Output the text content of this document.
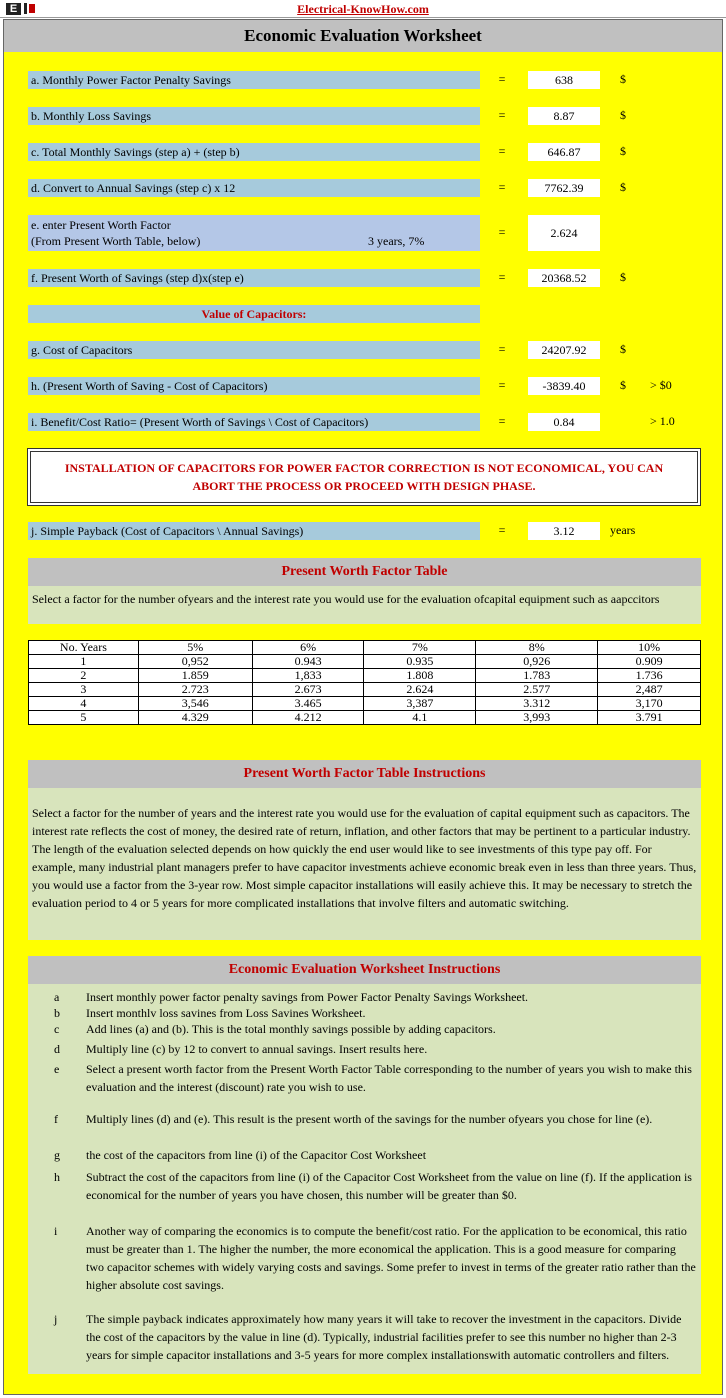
E	Electrical-KnowHow.com
Economic Evaluation Worksheet
a. Monthly Power Factor Penalty Savings	=	638	$
b. Monthly Loss Savings	=	8.87	$
c. Total Monthly Savings (step a) + (step b)	=	646.87	$
d. Convert to Annual Savings (step c) x 12	=	7762.39	$
e. enter Present Worth Factor
(From Present Worth Table, below)	3 years, 7%
=	2.624
f. Present Worth of Savings (step d)x(step e)	=	20368.52	$
Value of Capacitors:
g. Cost of Capacitors	=	24207.92	$
h. (Present Worth of Saving - Cost of Capacitors)	=	-3839.40	$ > $0
i. Benefit/Cost Ratio= (Present Worth of Savings \ Cost of Capacitors)	=	0.84	> 1.0
INSTALLATION OF CAPACITORS FOR POWER FACTOR CORRECTION IS NOT ECONOMICAL, YOU CAN ABORT THE PROCESS OR PROCEED WITH DESIGN PHASE.
j. Simple Payback (Cost of Capacitors \ Annual Savings)	=	3.12	years
Present Worth Factor Table
Select a factor for the number ofyears and the interest rate you would use for the evaluation ofcapital equipment such as aapccitors
No. Years	5%	6%	7%	8%	10%
1	0,952	0.943	0.935	0,926	0.909
2	1.859	1,833	1.808	1.783	1.736
3	2.723	2.673	2.624	2.577	2,487
4	3,546	3.465	3,387	3.312	3,170
5	4.329	4.212	4.1	3,993	3.791
Present Worth Factor Table Instructions
Select a factor for the number of years and the interest rate you would use for the evaluation of capital equipment such as capacitors. The interest rate reflects the cost of money, the desired rate of return, inflation, and other factors that may be pertinent to a particular industry. The length of the evaluation selected depends on how quickly the end user would like to see investments of this type pay off. For example, many industrial plant managers prefer to have capacitor investments achieve economic break even in less than three years. Thus, you would use a factor from the 3-year row. Most simple capacitor installations will easily achieve this. It may be necessary to stretch the evaluation period to 4 or 5 years for more complicated installations that involve filters and automatic switching.
Economic Evaluation Worksheet Instructions
a	Insert monthly power factor penalty savings from Power Factor Penalty Savings Worksheet.
b	Insert monthlv loss savines from Loss Savines Worksheet.
c	Add lines (a) and (b). This is the total monthly savings possible by adding capacitors.
d	Multiply line (c) by 12 to convert to annual savings. Insert results here.
e	Select a present worth factor from the Present Worth Factor Table corresponding to the number of years you wish to make this evaluation and the interest (discount) rate you wish to use.
f	Multiply lines (d) and (e). This result is the present worth of the savings for the number ofyears you chose for line (e).
g	the cost of the capacitors from line (i) of the Capacitor Cost Worksheet
h	Subtract the cost of the capacitors from line (i) of the Capacitor Cost Worksheet from the value on line (f). If the application is economical for the number of years you have chosen, this number will be greater than $0.
i	Another way of comparing the economics is to compute the benefit/cost ratio. For the application to be economical, this ratio must be greater than 1. The higher the number, the more economical the application. This is a good measure for comparing two capacitor schemes with widely varying costs and savings. Some prefer to invest in terms of the greater ratio rather than the higher absolute cost savings.
j	The simple payback indicates approximately how many years it will take to recover the investment in the capacitors. Divide the cost of the capacitors by the value in line (d). Typically, industrial facilities prefer to see this number no higher than 2-3 years for simple capacitor installations and 3-5 years for more complex installationswith automatic controllers and filters.
